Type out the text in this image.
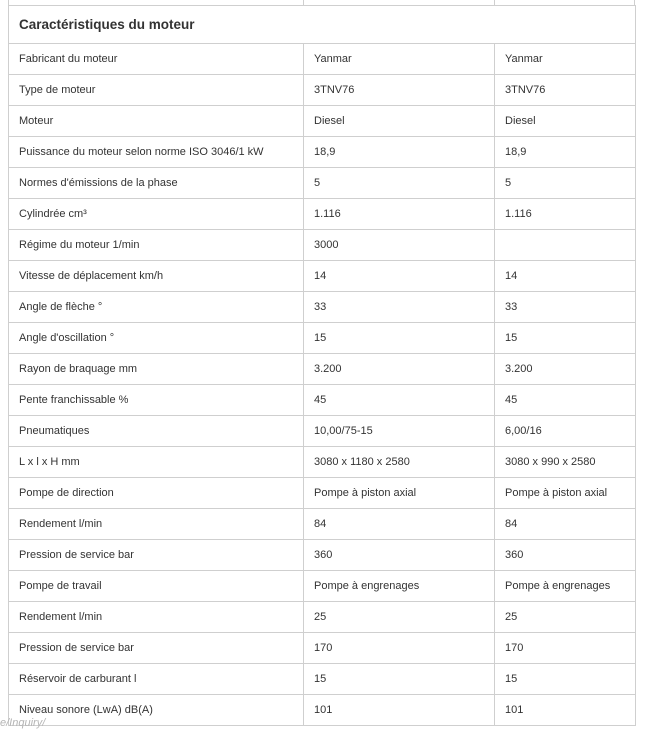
Caractéristiques du moteur		
Fabricant du moteur	Yanmar	Yanmar
Type de moteur	3TNV76	3TNV76
Moteur	Diesel	Diesel
Puissance du moteur selon norme ISO 3046/1 kW	18,9	18,9
Normes d'émissions de la phase	5	5
Cylindrée cm³	1.116	1.116
Régime du moteur 1/min	3000	
Vitesse de déplacement km/h	14	14
Angle de flèche °	33	33
Angle d'oscillation °	15	15
Rayon de braquage mm	3.200	3.200
Pente franchissable %	45	45
Pneumatiques	10,00/75-15	6,00/16
L x l x H mm	3080 x 1180 x 2580	3080 x 990 x 2580
Pompe de direction	Pompe à piston axial	Pompe à piston axial
Rendement l/min	84	84
Pression de service bar	360	360
Pompe de travail	Pompe à engrenages	Pompe à engrenages
Rendement l/min	25	25
Pression de service bar	170	170
Réservoir de carburant l	15	15
Niveau sonore (LwA) dB(A)	101	101
e/Inquiry/
